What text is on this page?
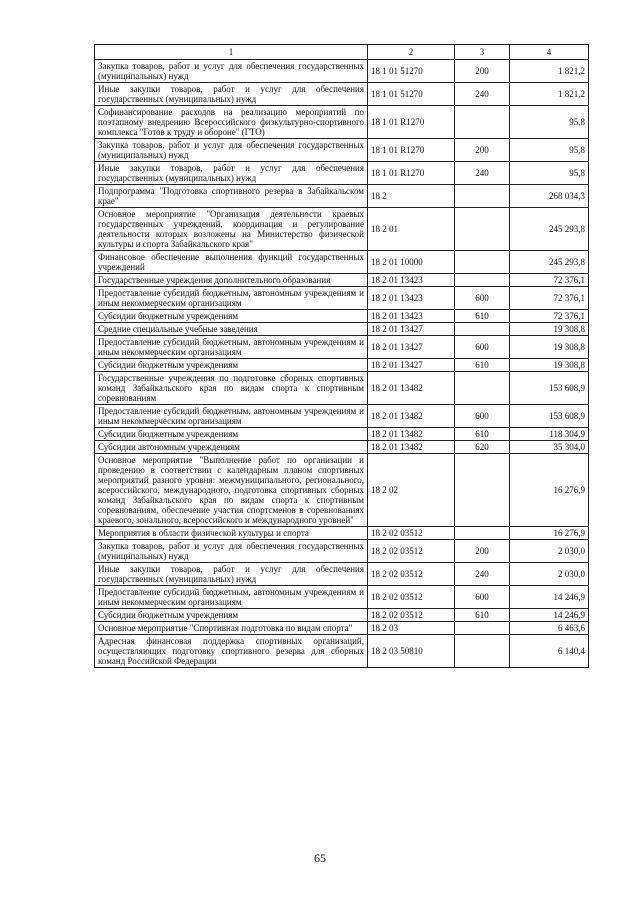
1	2	3	4
Закупка товаров, работ и услуг для обеспечения государственных (муниципальных) нужд	18 1 01 51270	200	1 821,2
Иные закупки товаров, работ и услуг для обеспечения государственных (муниципальных) нужд	18 1 01 51270	240	1 821,2
Софинансирование расходов на реализацию мероприятий по поэтапному внедрению Всероссийского физкультурно-спортивного комплекса "Готов к труду и обороне" (ГТО)	18 1 01 R1270		95,8
Закупка товаров, работ и услуг для обеспечения государственных (муниципальных) нужд	18 1 01 R1270	200	95,8
Иные закупки товаров, работ и услуг для обеспечения государственных (муниципальных) нужд	18 1 01 R1270	240	95,8
Подпрограмма "Подготовка спортивного резерва в Забайкальском крае"	18 2		268 034,3
Основное мероприятие "Организация деятельности краевых государственных учреждений, координация и регулирование деятельности которых возложены на Министерство физической культуры и спорта Забайкальского края"	18 2 01		245 293,8
Финансовое обеспечение выполнения функций государственных учреждений	18 2 01 10000		245 293,8
Государственные учреждения дополнительного образования	18 2 01 13423		72 376,1
Предоставление субсидий бюджетным, автономным учреждениям и иным некоммерческим организациям	18 2 01 13423	600	72 376,1
Субсидии бюджетным учреждениям	18 2 01 13423	610	72 376,1
Средние специальные учебные заведения	18 2 01 13427		19 308,8
Предоставление субсидий бюджетным, автономным учреждениям и иным некоммерческим организациям	18 2 01 13427	600	19 308,8
Субсидии бюджетным учреждениям	18 2 01 13427	610	19 308,8
Государственные учреждения по подготовке сборных спортивных команд Забайкальского края по видам спорта к спортивным соревнованиям	18 2 01 13482		153 608,9
Предоставление субсидий бюджетным, автономным учреждениям и иным некоммерческим организациям	18 2 01 13482	600	153 608,9
Субсидии бюджетным учреждениям	18 2 01 13482	610	118 304,9
Субсидии автономным учреждениям	18 2 01 13482	620	35 304,0
Основное мероприятие "Выполнение работ по организации и проведению в соответствии с календарным планом спортивных мероприятий разного уровня: межмуниципального, регионального, всероссийского, международного, подготовка спортивных сборных команд Забайкальского края по видам спорта к спортивным соревнованиям, обеспечение участия спортсменов в соревнованиях краевого, зонального, всероссийского и международного уровней"	18 2 02		16 276,9
Мероприятия в области физической культуры и спорта	18 2 02 03512		16 276,9
Закупка товаров, работ и услуг для обеспечения государственных (муниципальных) нужд	18 2 02 03512	200	2 030,0
Иные закупки товаров, работ и услуг для обеспечения государственных (муниципальных) нужд	18 2 02 03512	240	2 030,0
Предоставление субсидий бюджетным, автономным учреждениям и иным некоммерческим организациям	18 2 02 03512	600	14 246,9
Субсидии бюджетным учреждениям	18 2 02 03512	610	14 246,9
Основное мероприятие "Спортивная подготовка по видам спорта"	18 2 03		6 463,6
Адресная финансовая поддержка спортивных организаций, осуществляющих подготовку спортивного резерва для сборных команд Российской Федерации	18 2 03 50810		6 140,4
65
